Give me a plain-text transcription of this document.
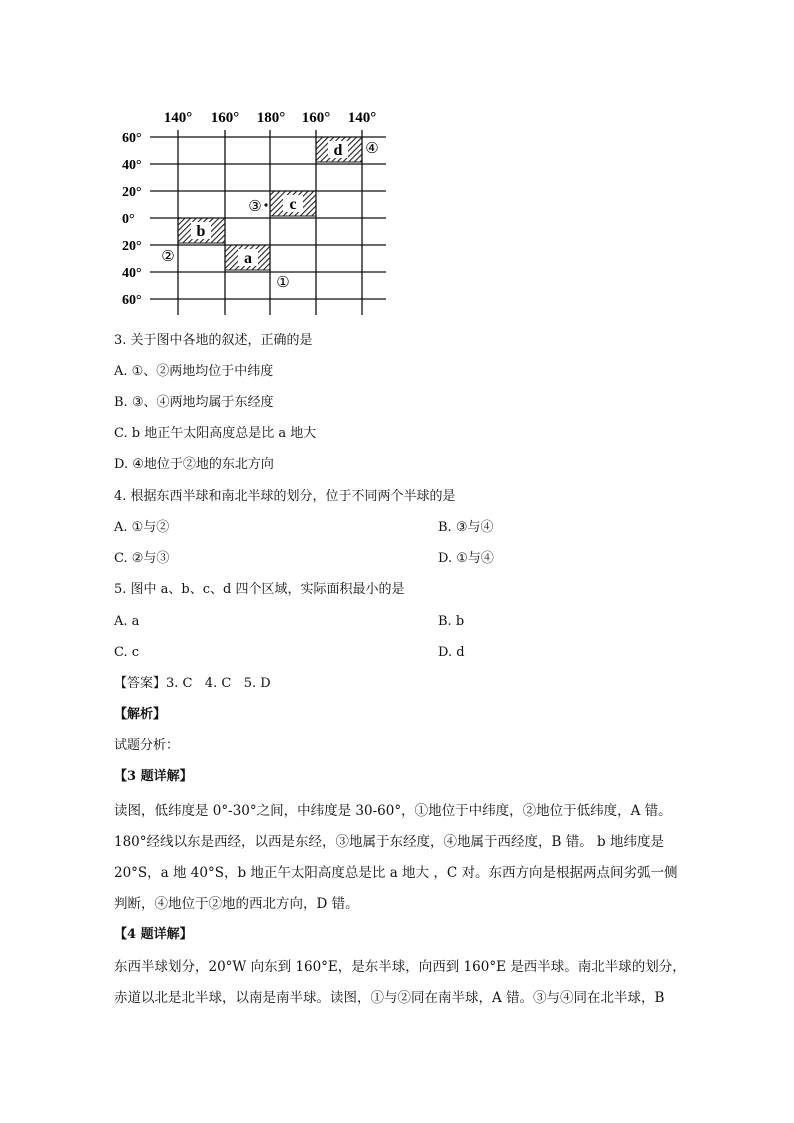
140° 160° 180° 160° 140°
60°
40°
20°
0°
20°
40°
60°
d
c
b
a
④
③
②
①
3. 关于图中各地的叙述，正确的是
A. ①、②两地均位于中纬度
B. ③、④两地均属于东经度
C. b 地正午太阳高度总是比 a 地大
D. ④地位于②地的东北方向
4. 根据东西半球和南北半球的划分，位于不同两个半球的是
A. ①与②	B. ③与④
C. ②与③	D. ①与④
5. 图中 a、b、c、d 四个区域，实际面积最小的是
A. a	B. b
C. c	D. d
【答案】3. C   4. C   5. D
【解析】
试题分析：
【3 题详解】
读图，低纬度是 0°-30°之间，中纬度是 30-60°，①地位于中纬度，②地位于低纬度，A 错。
180°经线以东是西经，以西是东经，③地属于东经度，④地属于西经度，B 错。 b 地纬度是
20°S，a 地 40°S，b 地正午太阳高度总是比 a 地大 ，C 对。东西方向是根据两点间劣弧一侧
判断，④地位于②地的西北方向，D 错。
【4 题详解】
东西半球划分，20°W 向东到 160°E，是东半球，向西到 160°E 是西半球。南北半球的划分，
赤道以北是北半球，以南是南半球。读图，①与②同在南半球，A 错。③与④同在北半球，B
